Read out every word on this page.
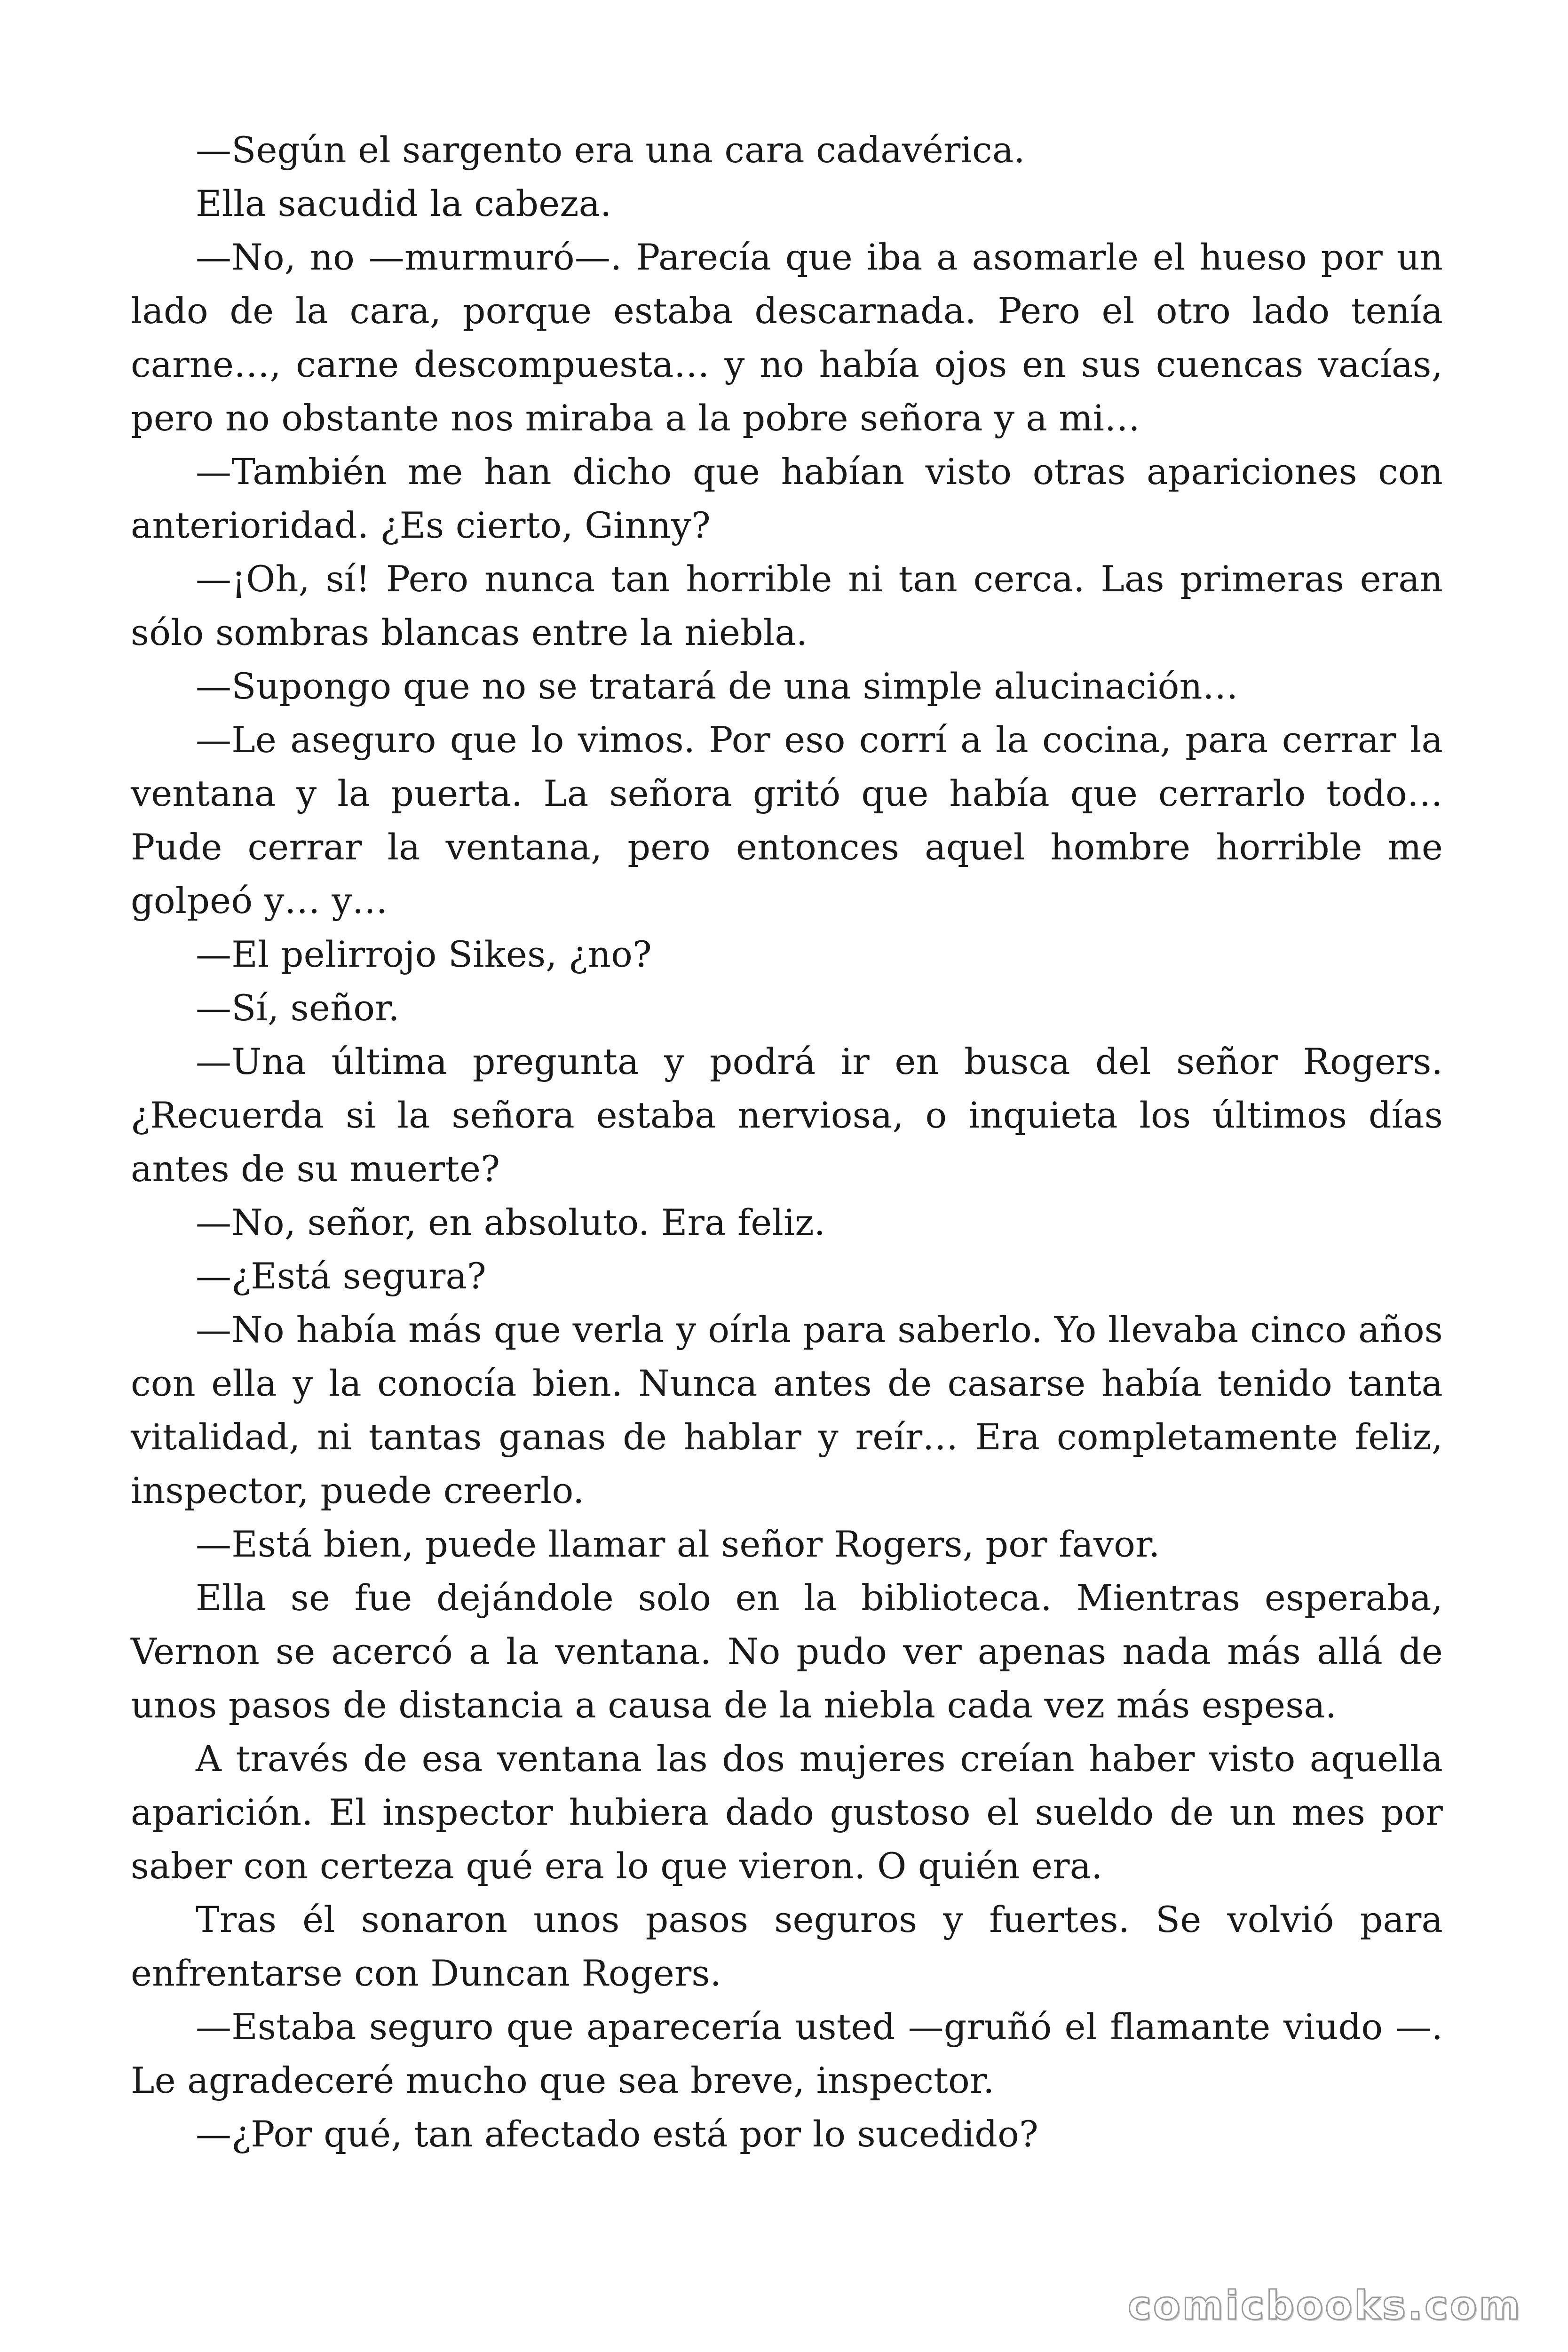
—Según el sargento era una cara cadavérica.

Ella sacudid la cabeza.

—No, no —murmuró—. Parecía que iba a asomarle el hueso por un lado de la cara, porque estaba descarnada. Pero el otro lado tenía carne…, carne descompuesta… y no había ojos en sus cuencas vacías, pero no obstante nos miraba a la pobre señora y a mi…

—También me han dicho que habían visto otras apariciones con anterioridad. ¿Es cierto, Ginny?

—¡Oh, sí! Pero nunca tan horrible ni tan cerca. Las primeras eran sólo sombras blancas entre la niebla.

—Supongo que no se tratará de una simple alucinación…

—Le aseguro que lo vimos. Por eso corrí a la cocina, para cerrar la ventana y la puerta. La señora gritó que había que cerrarlo todo… Pude cerrar la ventana, pero entonces aquel hombre horrible me golpeó y… y…

—El pelirrojo Sikes, ¿no?

—Sí, señor.

—Una última pregunta y podrá ir en busca del señor Rogers. ¿Recuerda si la señora estaba nerviosa, o inquieta los últimos días antes de su muerte?

—No, señor, en absoluto. Era feliz.

—¿Está segura?

—No había más que verla y oírla para saberlo. Yo llevaba cinco años con ella y la conocía bien. Nunca antes de casarse había tenido tanta vitalidad, ni tantas ganas de hablar y reír… Era completamente feliz, inspector, puede creerlo.

—Está bien, puede llamar al señor Rogers, por favor.

Ella se fue dejándole solo en la biblioteca. Mientras esperaba, Vernon se acercó a la ventana. No pudo ver apenas nada más allá de unos pasos de distancia a causa de la niebla cada vez más espesa.

A través de esa ventana las dos mujeres creían haber visto aquella aparición. El inspector hubiera dado gustoso el sueldo de un mes por saber con certeza qué era lo que vieron. O quién era.

Tras él sonaron unos pasos seguros y fuertes. Se volvió para enfrentarse con Duncan Rogers.

—Estaba seguro que aparecería usted —gruñó el flamante viudo —. Le agradeceré mucho que sea breve, inspector.

—¿Por qué, tan afectado está por lo sucedido?

comicbooks.com
